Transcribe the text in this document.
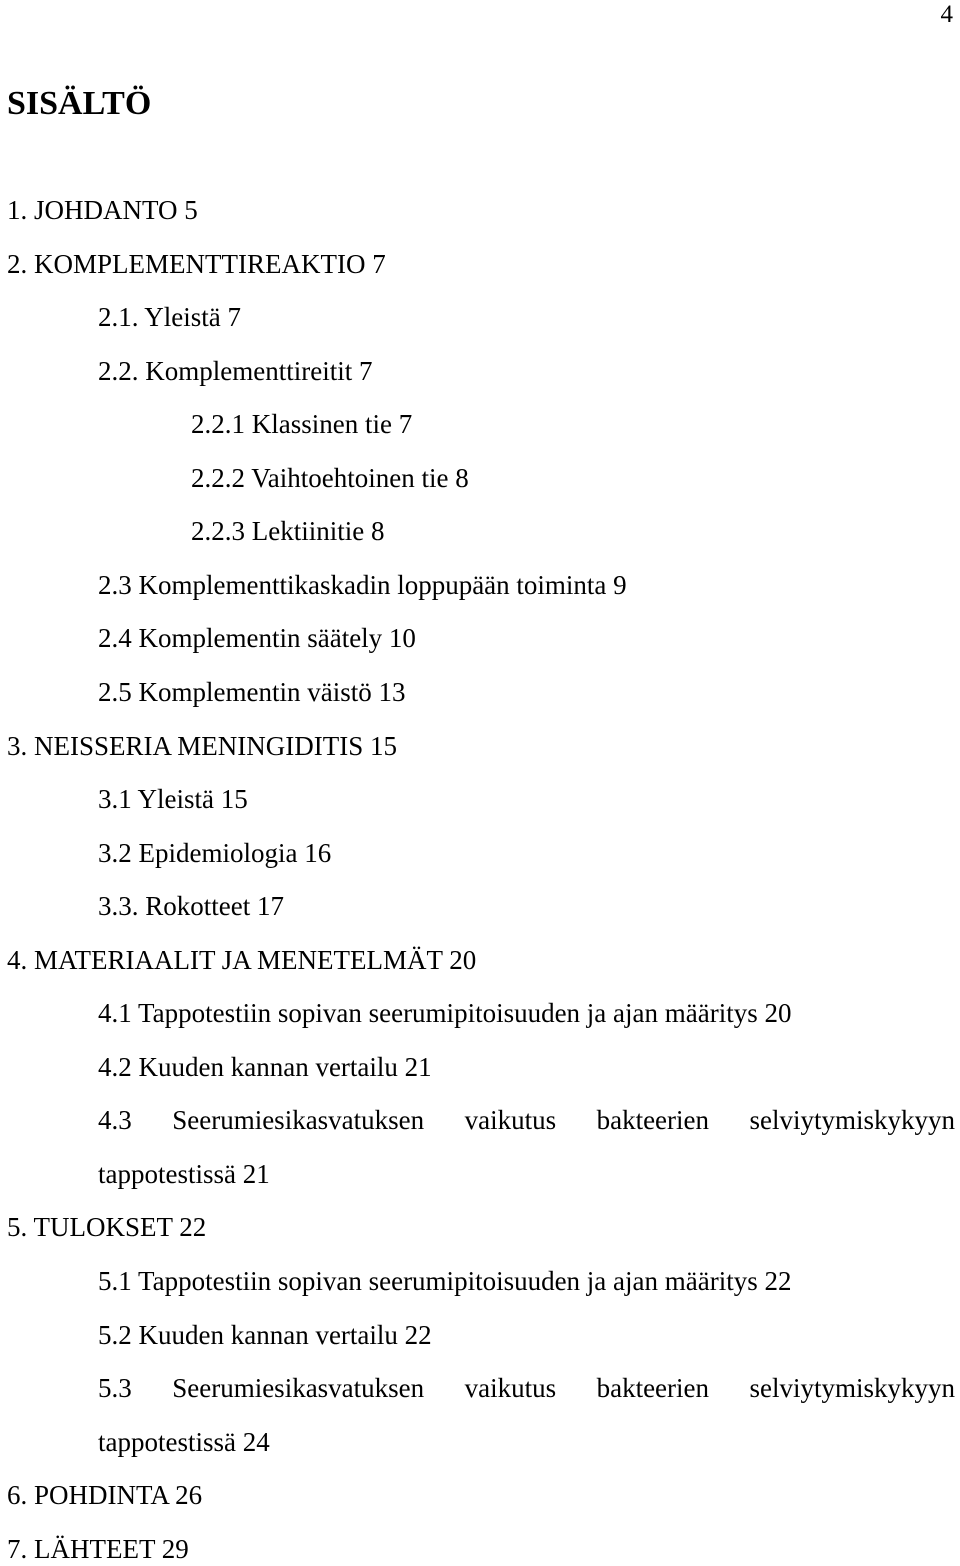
4
SISÄLTÖ
1. JOHDANTO 5
2. KOMPLEMENTTIREAKTIO 7
2.1. Yleistä 7
2.2. Komplementtireitit 7
2.2.1 Klassinen tie 7
2.2.2 Vaihtoehtoinen tie 8
2.2.3 Lektiinitie 8
2.3 Komplementtikaskadin loppupään toiminta 9
2.4 Komplementin säätely 10
2.5 Komplementin väistö 13
3. NEISSERIA MENINGIDITIS 15
3.1 Yleistä 15
3.2 Epidemiologia 16
3.3. Rokotteet 17
4. MATERIAALIT JA MENETELMÄT 20
4.1 Tappotestiin sopivan seerumipitoisuuden ja ajan määritys 20
4.2 Kuuden kannan vertailu 21
4.3 Seerumiesikasvatuksen vaikutus bakteerien selviytymiskykyyn
tappotestissä 21
5. TULOKSET 22
5.1 Tappotestiin sopivan seerumipitoisuuden ja ajan määritys 22
5.2 Kuuden kannan vertailu 22
5.3 Seerumiesikasvatuksen vaikutus bakteerien selviytymiskykyyn
tappotestissä 24
6. POHDINTA 26
7. LÄHTEET 29
